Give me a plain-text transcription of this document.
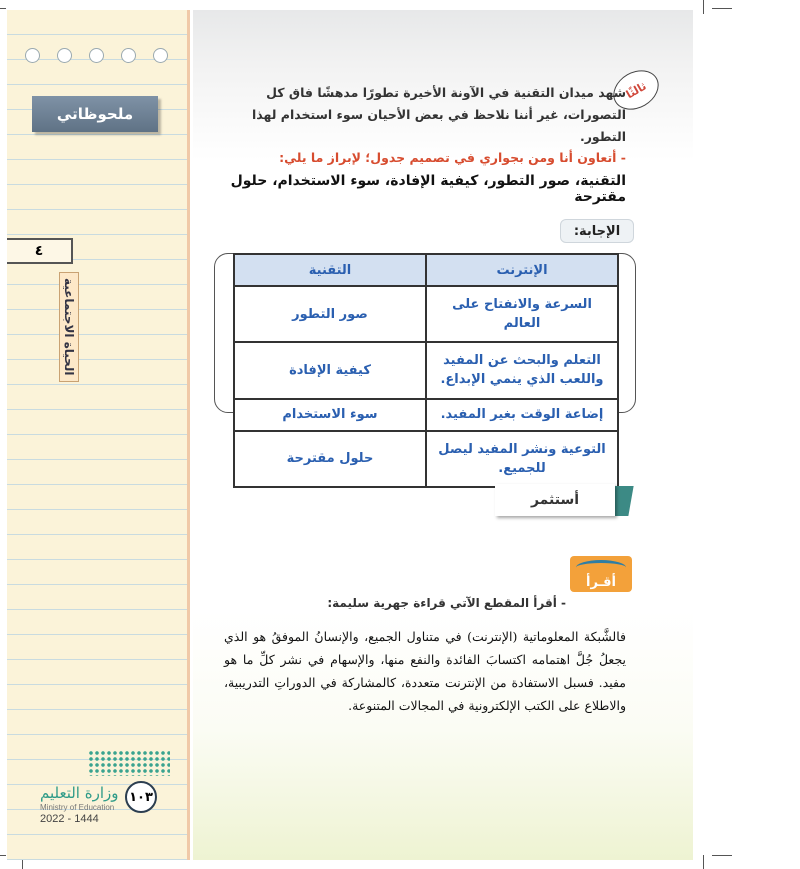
ملحوظاتي
٤
الحياة الاجتماعية
وزارة التعليم
Ministry of Education
2022 - 1444
١٠٣
ثالثًا
شهد ميدان التقنية في الآونة الأخيرة تطورًا مدهشًا فاق كل التصورات، غير أننا نلاحظ في بعض الأحيان سوء استخدام لهذا التطور.
- أتعاون أنا ومن بجواري في تصميم جدول؛ لإبراز ما يلي:
التقنية، صور التطور، كيفية الإفادة، سوء الاستخدام، حلول مقترحة
الإجابة:
الإنترنت	التقنية
السرعة والانفتاح على العالم	صور التطور
التعلم والبحث عن المفيد واللعب الذي ينمي الإبداع.	كيفية الإفادة
إضاعة الوقت بغير المفيد.	سوء الاستخدام
التوعية ونشر المفيد ليصل للجميع.	حلول مقترحة
أستثمر
أقـرأ
- أقرأ المقطع الآتي قراءة جهرية سليمة:
فالشَّبكة المعلوماتية (الإنترنت) في متناول الجميع، والإنسانُ الموفقُ هو الذي يجعلُ جُلَّ اهتمامه اكتسابَ الفائدة والنفع منها، والإسهام في نشر كلِّ ما هو مفيد. فسبل الاستفادة من الإنترنت متعددة، كالمشاركة في الدوراتِ التدريبية، والاطلاع على الكتب الإلكترونية في المجالات المتنوعة.
